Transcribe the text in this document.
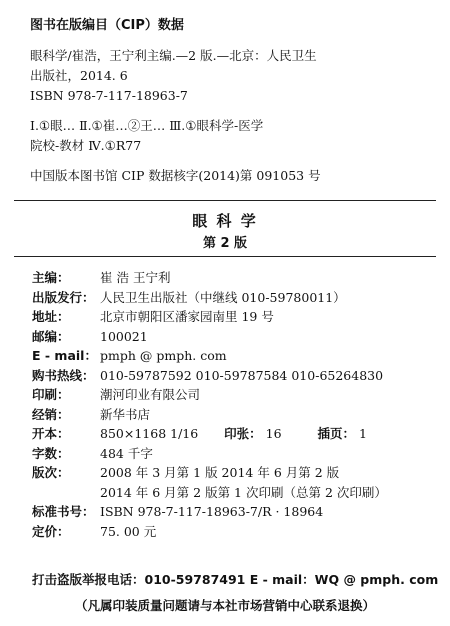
图书在版编目（CIP）数据
眼科学/崔浩，王宁利主编.—2 版.—北京：人民卫生
出版社，2014. 6
ISBN 978-7-117-18963-7
Ⅰ.①眼… Ⅱ.①崔…②王… Ⅲ.①眼科学-医学
院校-教材 Ⅳ.①R77
中国版本图书馆 CIP 数据核字(2014)第 091053 号
眼 科 学
第 2 版
主编：	崔 浩 王宁利
出版发行： 人民卫生出版社（中继线 010-59780011）
地址：	北京市朝阳区潘家园南里 19 号
邮编：	100021
E - mail： pmph @ pmph. com
购书热线： 010-59787592 010-59787584 010-65264830
印刷：	潮河印业有限公司
经销：	新华书店
开本：	850×1168 1/16 印张： 16	插页： 1
字数：	484 千字
版次：	2008 年 3 月第 1 版 2014 年 6 月第 2 版
2014 年 6 月第 2 版第 1 次印刷（总第 2 次印刷）
标准书号： ISBN 978-7-117-18963-7/R · 18964
定价：	75. 00 元
打击盗版举报电话：010-59787491 E - mail：WQ @ pmph. com
（凡属印装质量问题请与本社市场营销中心联系退换）
